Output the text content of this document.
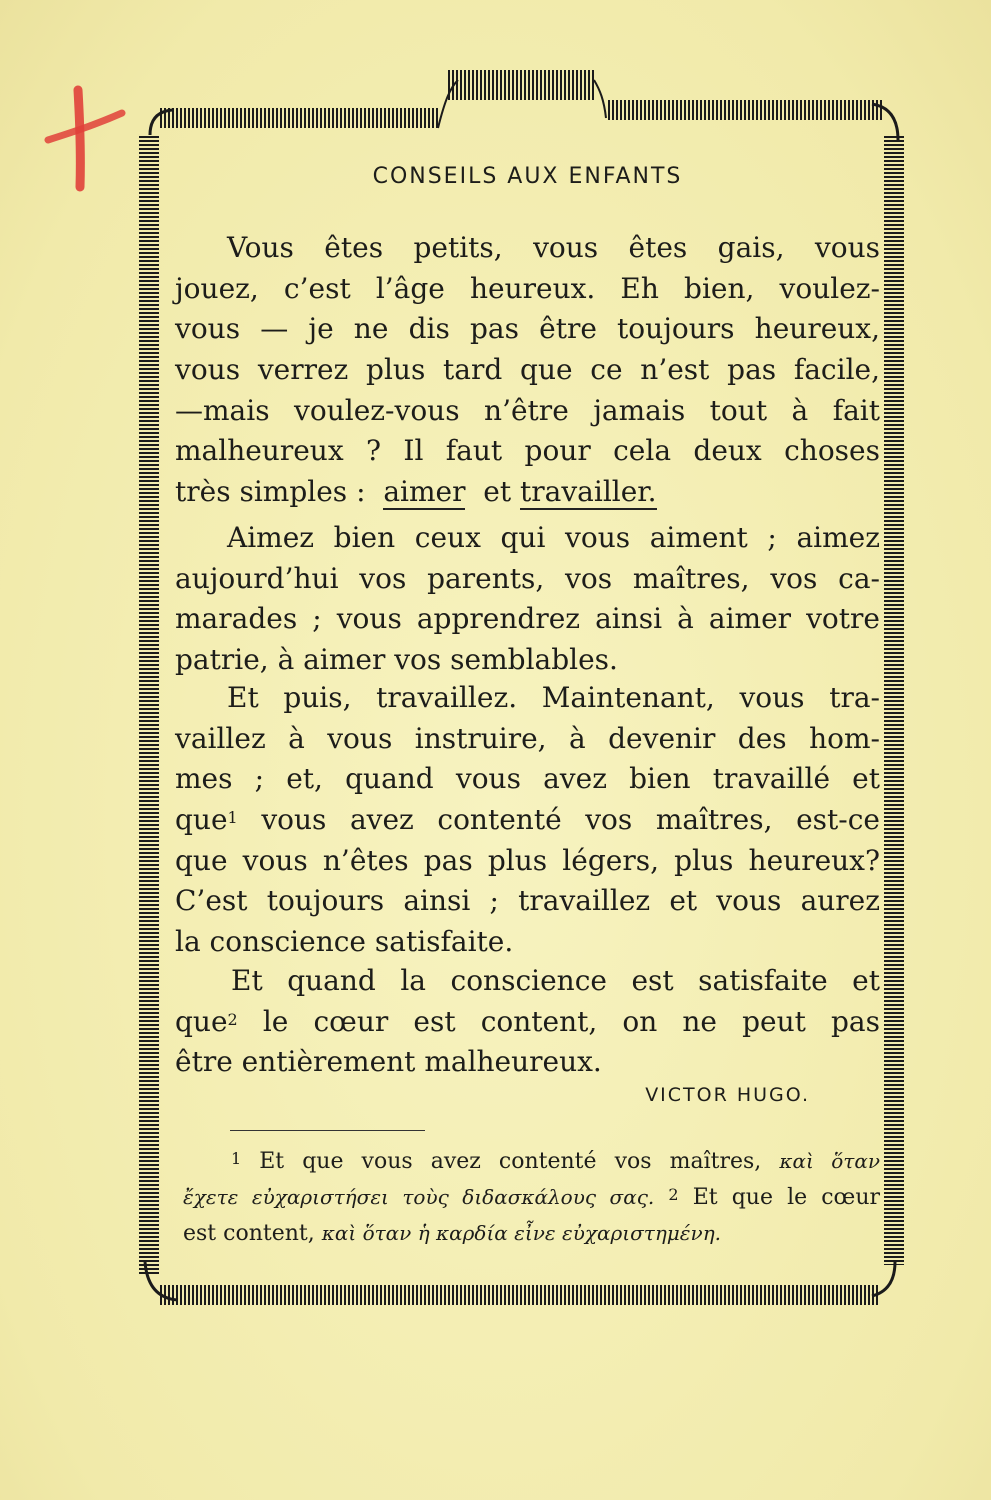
CONSEILS AUX ENFANTS
Vous êtes petits, vous êtes gais, vous
jouez, c’est l’âge heureux. Eh bien, voulez-
vous — je ne dis pas être toujours heureux,
vous verrez plus tard que ce n’est pas facile,
—mais voulez-vous n’être jamais tout à fait
malheureux ? Il faut pour cela deux choses
très simples : aimer et travailler.
Aimez bien ceux qui vous aiment ; aimez
aujourd’hui vos parents, vos maîtres, vos ca-
marades ; vous apprendrez ainsi à aimer votre
patrie, à aimer vos semblables.
Et puis, travaillez. Maintenant, vous tra-
vaillez à vous instruire, à devenir des hom-
mes ; et, quand vous avez bien travaillé et
que$^1$ vous avez contenté vos maîtres, est-ce
que vous n’êtes pas plus légers, plus heureux?
C’est toujours ainsi ; travaillez et vous aurez
la conscience satisfaite.
Et quand la conscience est satisfaite et
que$^2$ le cœur est content, on ne peut pas
être entièrement malheureux.
VICTOR HUGO.
$^1$ Et que vous avez contenté vos maîtres, καὶ ὅταν
ἔχετε εὐχαριστήσει τοὺς διδασκάλους σας. $^2$ Et que le cœur
est content, καὶ ὅταν ἡ καρδία εἶνε εὐχαριστημένη.
